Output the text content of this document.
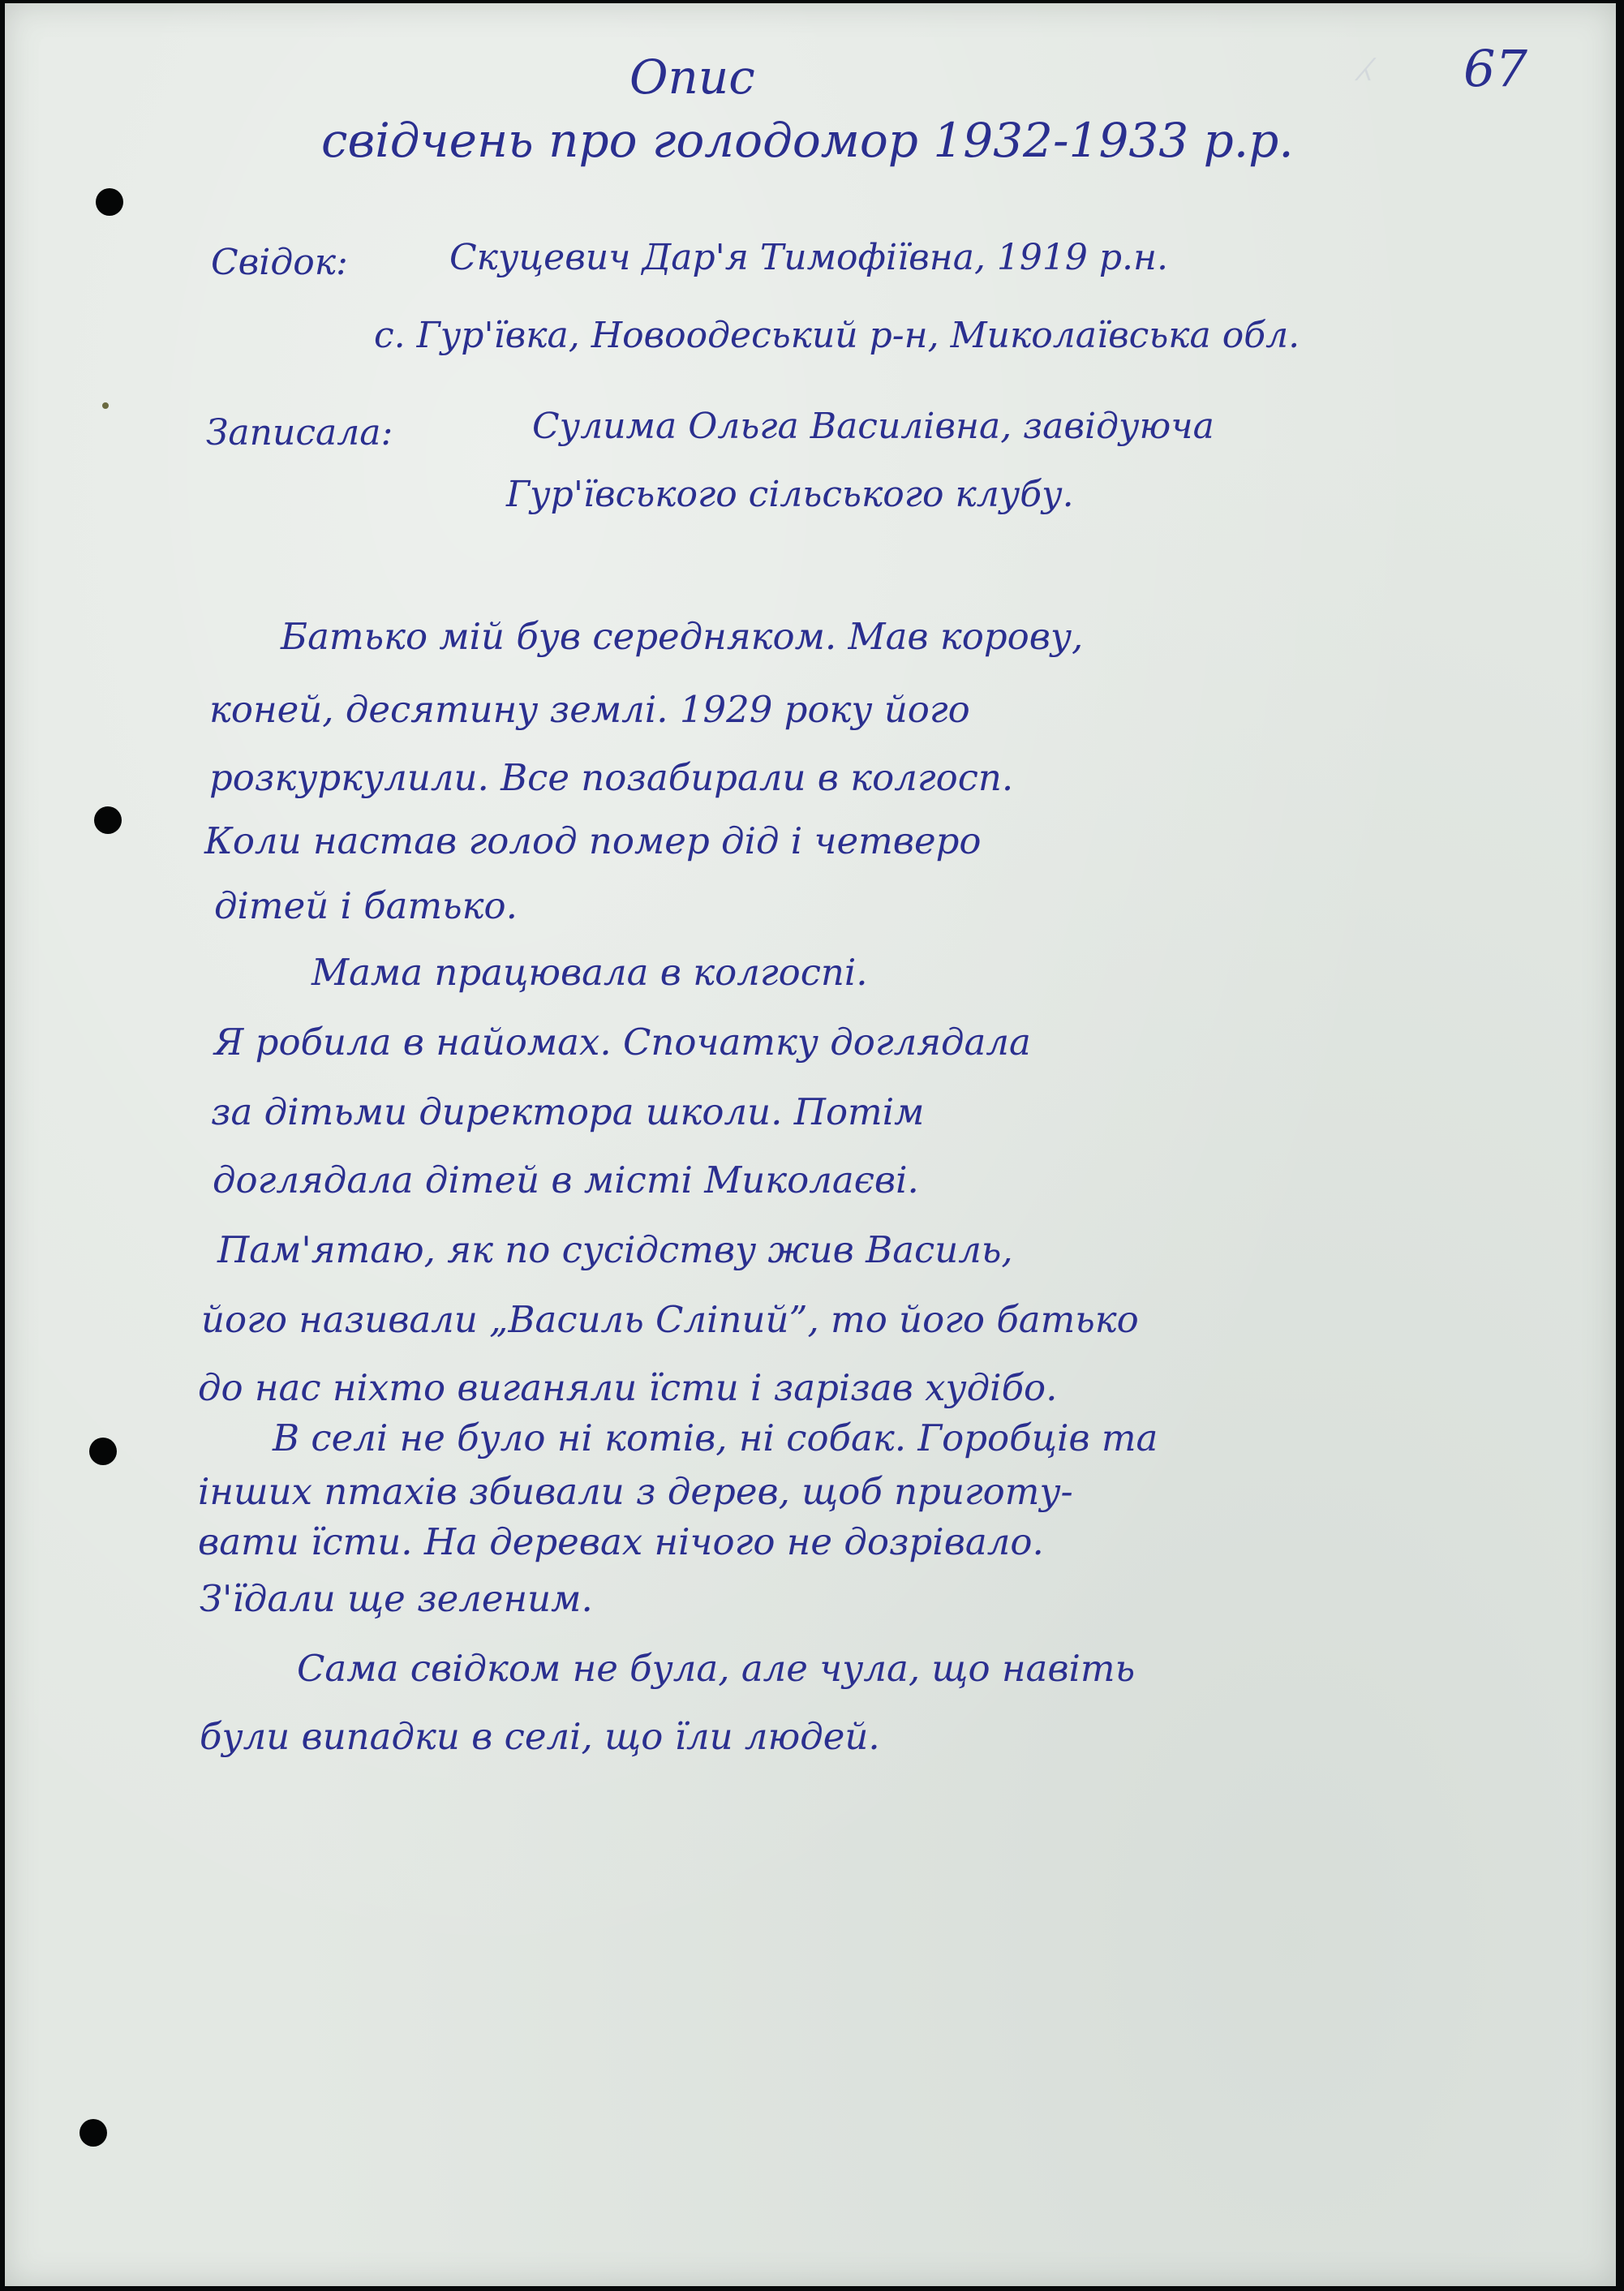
⁁ 67
Опис
свідчень про голодомор 1932-1933 р.р.
Свідок:	Скуцевич Дар'я Тимофіївна, 1919 р.н.
с. Гур'ївка, Новоодеський р-н, Миколаївська обл.
Записала:	Сулима Ольга Василівна, завідуюча
Гур'ївського сільського клубу.
Батько мій був середняком. Мав корову,
коней, десятину землі. 1929 року його
розкуркулили. Все позабирали в колгосп.
Коли настав голод помер дід і четверо
дітей і батько.
Мама працювала в колгоспі.
Я робила в найомах. Спочатку доглядала
за дітьми директора школи. Потім
доглядала дітей в місті Миколаєві.
Пам'ятаю, як по сусідству жив Василь,
його називали „Василь Сліпий”, то його батько
до нас ніхто виганяли їсти і зарізав худібо.
В селі не було ні котів, ні собак. Горобців та
інших птахів збивали з дерев, щоб приготу-
вати їсти. На деревах нічого не дозрівало.
З'їдали ще зеленим.
Сама свідком не була, але чула, що навіть
були випадки в селі, що їли людей.
